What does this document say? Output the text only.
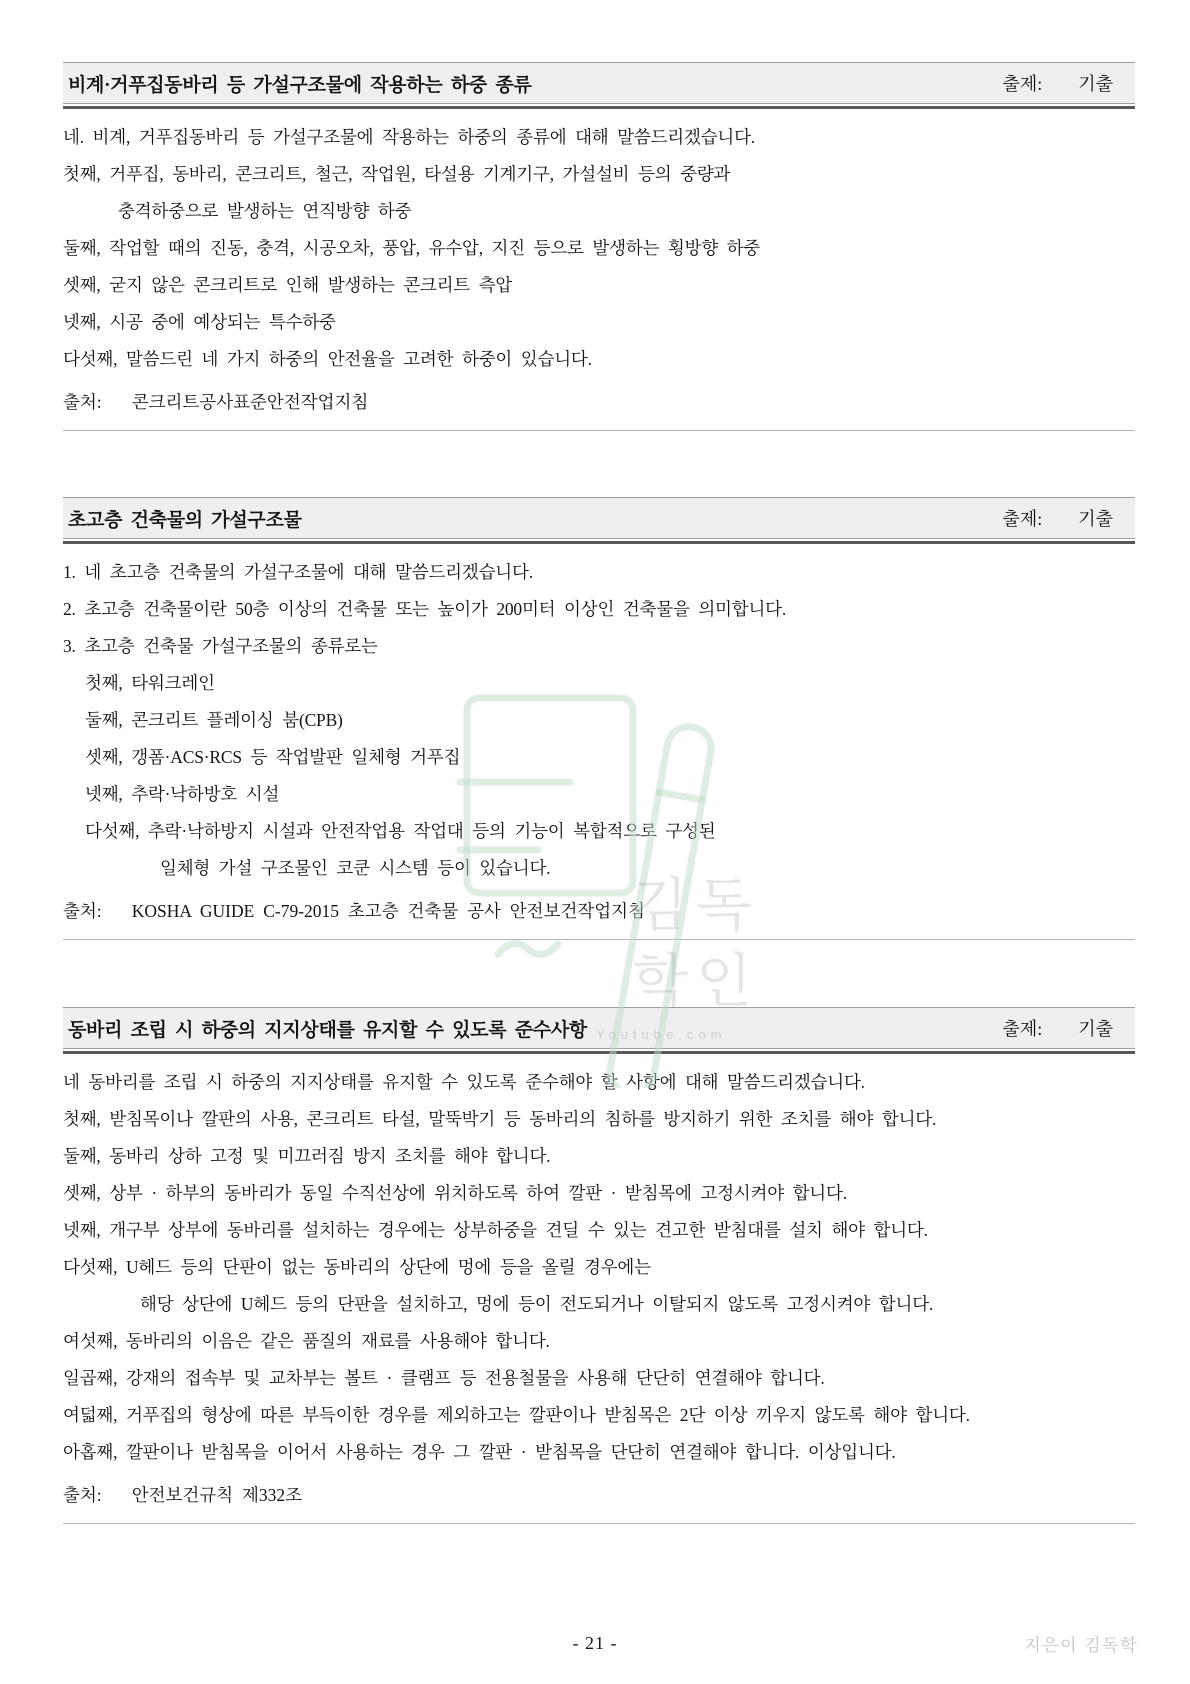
김독
학인
Youtube.com
비계·거푸집동바리 등 가설구조물에 작용하는 하중 종류	출제: 기출
네. 비계, 거푸집동바리 등 가설구조물에 작용하는 하중의 종류에 대해 말씀드리겠습니다.
첫째, 거푸집, 동바리, 콘크리트, 철근, 작업원, 타설용 기계기구, 가설설비 등의 중량과
충격하중으로 발생하는 연직방향 하중
둘째, 작업할 때의 진동, 충격, 시공오차, 풍압, 유수압, 지진 등으로 발생하는 횡방향 하중
셋째, 굳지 않은 콘크리트로 인해 발생하는 콘크리트 측압
넷째, 시공 중에 예상되는 특수하중
다섯째, 말씀드린 네 가지 하중의 안전율을 고려한 하중이 있습니다.
출처: 콘크리트공사표준안전작업지침
초고층 건축물의 가설구조물	출제: 기출
1. 네 초고층 건축물의 가설구조물에 대해 말씀드리겠습니다.
2. 초고층 건축물이란 50층 이상의 건축물 또는 높이가 200미터 이상인 건축물을 의미합니다.
3. 초고층 건축물 가설구조물의 종류로는
첫째, 타워크레인
둘째, 콘크리트 플레이싱 붐(CPB)
셋째, 갱폼·ACS·RCS 등 작업발판 일체형 거푸집
넷째, 추락·낙하방호 시설
다섯째, 추락·낙하방지 시설과 안전작업용 작업대 등의 기능이 복합적으로 구성된
일체형 가설 구조물인 코쿤 시스템 등이 있습니다.
출처: KOSHA GUIDE C-79-2015 초고층 건축물 공사 안전보건작업지침
동바리 조립 시 하중의 지지상태를 유지할 수 있도록 준수사항	출제: 기출
네 동바리를 조립 시 하중의 지지상태를 유지할 수 있도록 준수해야 할 사항에 대해 말씀드리겠습니다.
첫째, 받침목이나 깔판의 사용, 콘크리트 타설, 말뚝박기 등 동바리의 침하를 방지하기 위한 조치를 해야 합니다.
둘째, 동바리 상하 고정 및 미끄러짐 방지 조치를 해야 합니다.
셋째, 상부 · 하부의 동바리가 동일 수직선상에 위치하도록 하여 깔판 · 받침목에 고정시켜야 합니다.
넷째, 개구부 상부에 동바리를 설치하는 경우에는 상부하중을 견딜 수 있는 견고한 받침대를 설치 해야 합니다.
다섯째, U헤드 등의 단판이 없는 동바리의 상단에 멍에 등을 올릴 경우에는
해당 상단에 U헤드 등의 단판을 설치하고, 멍에 등이 전도되거나 이탈되지 않도록 고정시켜야 합니다.
여섯째, 동바리의 이음은 같은 품질의 재료를 사용해야 합니다.
일곱째, 강재의 접속부 및 교차부는 볼트 · 클램프 등 전용철물을 사용해 단단히 연결해야 합니다.
여덟째, 거푸집의 형상에 따른 부득이한 경우를 제외하고는 깔판이나 받침목은 2단 이상 끼우지 않도록 해야 합니다.
아홉째, 깔판이나 받침목을 이어서 사용하는 경우 그 깔판 · 받침목을 단단히 연결해야 합니다. 이상입니다.
출처: 안전보건규칙 제332조
- 21 -	지은이 김독학
